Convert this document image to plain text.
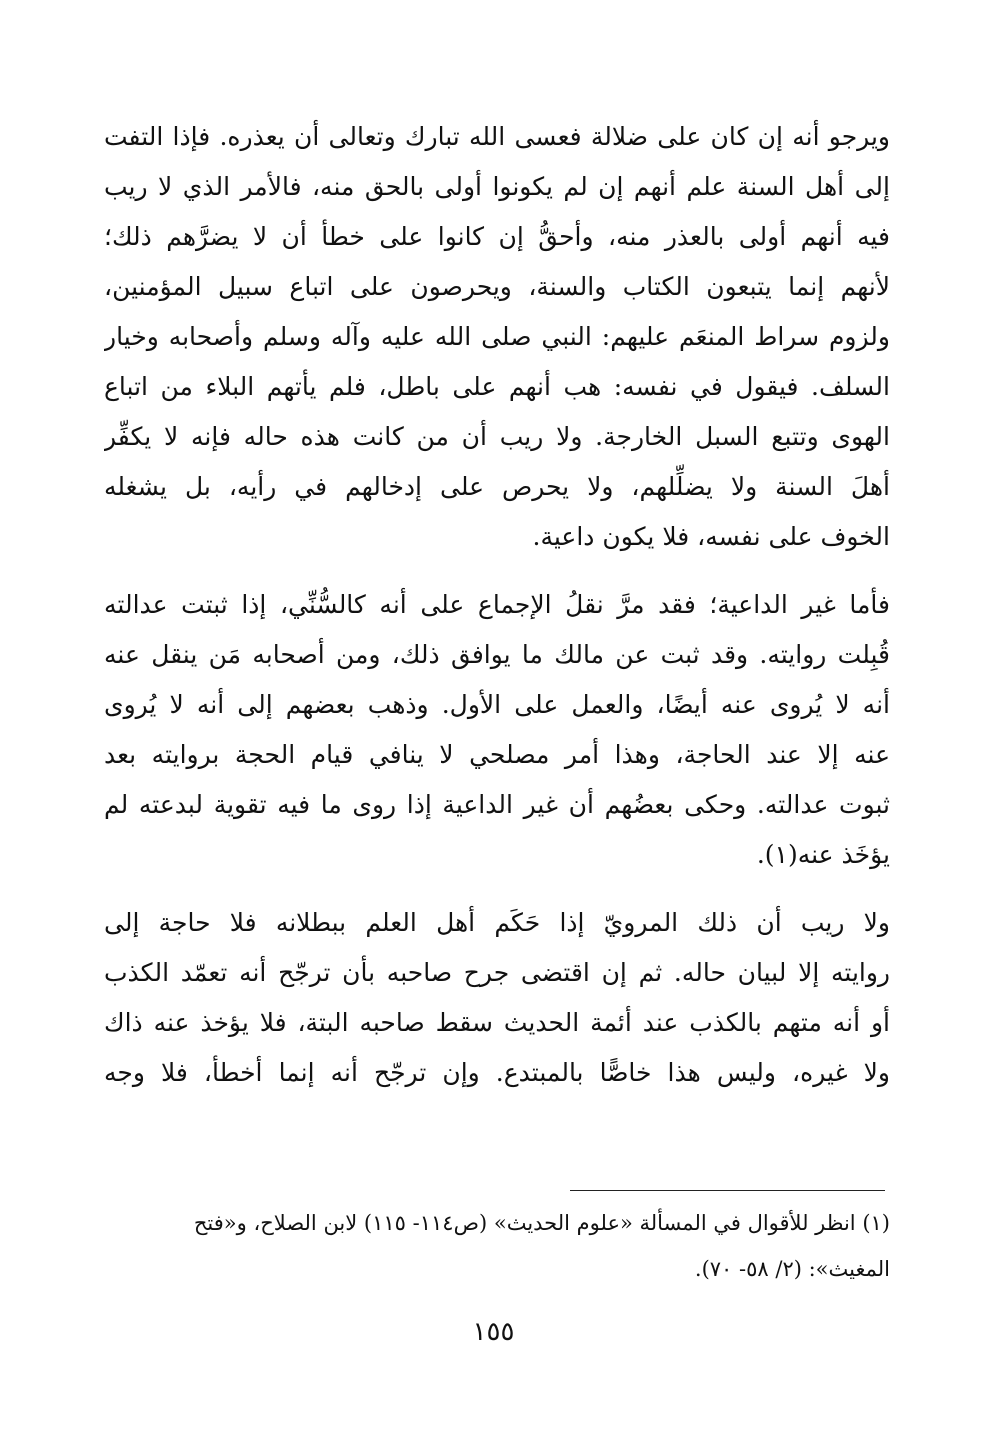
ويرجو أنه إن كان على ضلالة فعسى الله تبارك وتعالى أن يعذره. فإذا التفت
إلى أهل السنة علم أنهم إن لم يكونوا أولى بالحق منه، فالأمر الذي لا ريب
فيه أنهم أولى بالعذر منه، وأحقُّ إن كانوا على خطأ أن لا يضرَّهم ذلك؛
لأنهم إنما يتبعون الكتاب والسنة، ويحرصون على اتباع سبيل المؤمنين،
ولزوم سراط المنعَم عليهم: النبي صلى الله عليه وآله وسلم وأصحابه وخيار
السلف. فيقول في نفسه: هب أنهم على باطل، فلم يأتهم البلاء من اتباع
الهوى وتتبع السبل الخارجة. ولا ريب أن من كانت هذه حاله فإنه لا يكفِّر
أهلَ السنة ولا يضلِّلهم، ولا يحرص على إدخالهم في رأيه، بل يشغله
الخوف على نفسه، فلا يكون داعية.
فأما غير الداعية؛ فقد مرَّ نقلُ الإجماع على أنه كالسُّنِّي، إذا ثبتت عدالته
قُبِلت روايته. وقد ثبت عن مالك ما يوافق ذلك، ومن أصحابه مَن ينقل عنه
أنه لا يُروى عنه أيضًا، والعمل على الأول. وذهب بعضهم إلى أنه لا يُروى
عنه إلا عند الحاجة، وهذا أمر مصلحي لا ينافي قيام الحجة بروايته بعد
ثبوت عدالته. وحكى بعضُهم أن غير الداعية إذا روى ما فيه تقوية لبدعته لم
يؤخَذ عنه(١).
ولا ريب أن ذلك المرويّ إذا حَكَم أهل العلم ببطلانه فلا حاجة إلى
روايته إلا لبيان حاله. ثم إن اقتضى جرح صاحبه بأن ترجّح أنه تعمّد الكذب
أو أنه متهم بالكذب عند أئمة الحديث سقط صاحبه البتة، فلا يؤخذ عنه ذاك
ولا غيره، وليس هذا خاصًّا بالمبتدع. وإن ترجّح أنه إنما أخطأ، فلا وجه
(١) انظر للأقوال في المسألة «علوم الحديث» (ص١١٤- ١١٥) لابن الصلاح، و«فتح
المغيث»: (٢/ ٥٨- ٧٠).
١٥٥
